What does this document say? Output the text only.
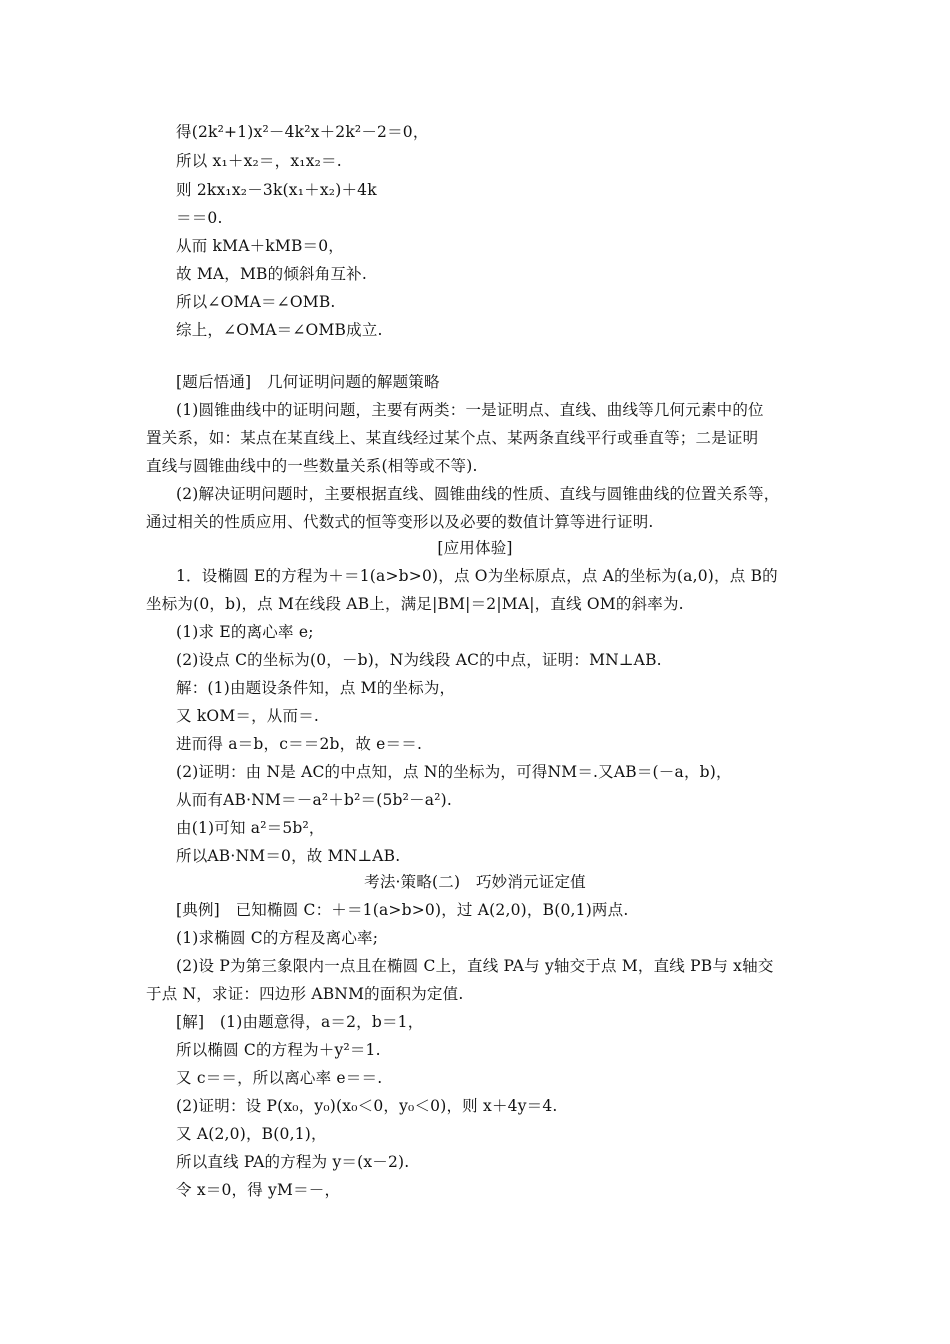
得(2k²+1)x²－4k²x＋2k²－2＝0，
所以 x₁＋x₂＝，x₁x₂＝.
则 2kx₁x₂－3k(x₁＋x₂)＋4k
＝＝0.
从而 kMA＋kMB＝0，
故 MA，MB的倾斜角互补.
所以∠OMA＝∠OMB.
综上，∠OMA＝∠OMB成立.
[题后悟通]　几何证明问题的解题策略
(1)圆锥曲线中的证明问题，主要有两类：一是证明点、直线、曲线等几何元素中的位
置关系，如：某点在某直线上、某直线经过某个点、某两条直线平行或垂直等；二是证明
直线与圆锥曲线中的一些数量关系(相等或不等).
(2)解决证明问题时，主要根据直线、圆锥曲线的性质、直线与圆锥曲线的位置关系等，
通过相关的性质应用、代数式的恒等变形以及必要的数值计算等进行证明.
[应用体验]
1．设椭圆 E的方程为＋＝1(a>b>0)，点 O为坐标原点，点 A的坐标为(a,0)，点 B的
坐标为(0，b)，点 M在线段 AB上，满足|BM|＝2|MA|，直线 OM的斜率为.
(1)求 E的离心率 e;
(2)设点 C的坐标为(0，－b)，N为线段 AC的中点，证明：MN⊥AB.
解：(1)由题设条件知，点 M的坐标为，
又 kOM＝，从而＝.
进而得 a＝b，c＝＝2b，故 e＝＝.
(2)证明：由 N是 AC的中点知，点 N的坐标为，可得NM＝.又AB＝(－a，b)，
从而有AB·NM＝－a²＋b²＝(5b²－a²).
由(1)可知 a²＝5b²，
所以AB·NM＝0，故 MN⊥AB.
考法·策略(二)　巧妙消元证定值
[典例]　已知椭圆 C：＋＝1(a>b>0)，过 A(2,0)，B(0,1)两点.
(1)求椭圆 C的方程及离心率;
(2)设 P为第三象限内一点且在椭圆 C上，直线 PA与 y轴交于点 M，直线 PB与 x轴交
于点 N，求证：四边形 ABNM的面积为定值.
[解]　(1)由题意得，a＝2，b＝1，
所以椭圆 C的方程为＋y²＝1.
又 c＝＝，所以离心率 e＝＝.
(2)证明：设 P(x₀，y₀)(x₀＜0，y₀＜0)，则 x＋4y＝4.
又 A(2,0)，B(0,1)，
所以直线 PA的方程为 y＝(x－2).
令 x＝0，得 yM＝－，
